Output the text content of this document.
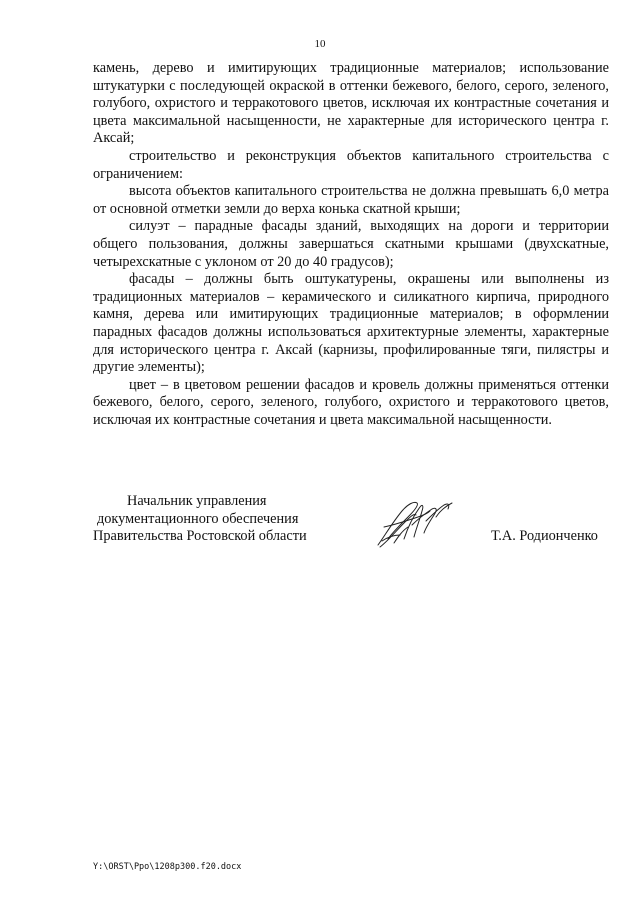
10

камень, дерево и имитирующих традиционные материалов; использование штукатурки с последующей окраской в оттенки бежевого, белого, серого, зеленого, голубого, охристого и терракотового цветов, исключая их контрастные сочетания и цвета максимальной насыщенности, не характерные для исторического центра г. Аксай;

строительство и реконструкция объектов капитального строительства с ограничением:

высота объектов капитального строительства не должна превышать 6,0 метра от основной отметки земли до верха конька скатной крыши;

силуэт – парадные фасады зданий, выходящих на дороги и территории общего пользования, должны завершаться скатными крышами (двухскатные, четырехскатные с уклоном от 20 до 40 градусов);

фасады – должны быть оштукатурены, окрашены или выполнены из традиционных материалов – керамического и силикатного кирпича, природного камня, дерева или имитирующих традиционные материалов; в оформлении парадных фасадов должны использоваться архитектурные элементы, характерные для исторического центра г. Аксай (карнизы, профилированные тяги, пилястры и другие элементы);

цвет – в цветовом решении фасадов и кровель должны применяться оттенки бежевого, белого, серого, зеленого, голубого, охристого и терракотового цветов, исключая их контрастные сочетания и цвета максимальной насыщенности.

Начальник управления
документационного обеспечения
Правительства Ростовской области	Т.А. Родионченко
Y:\ORST\Ppo\1208p300.f20.docx
